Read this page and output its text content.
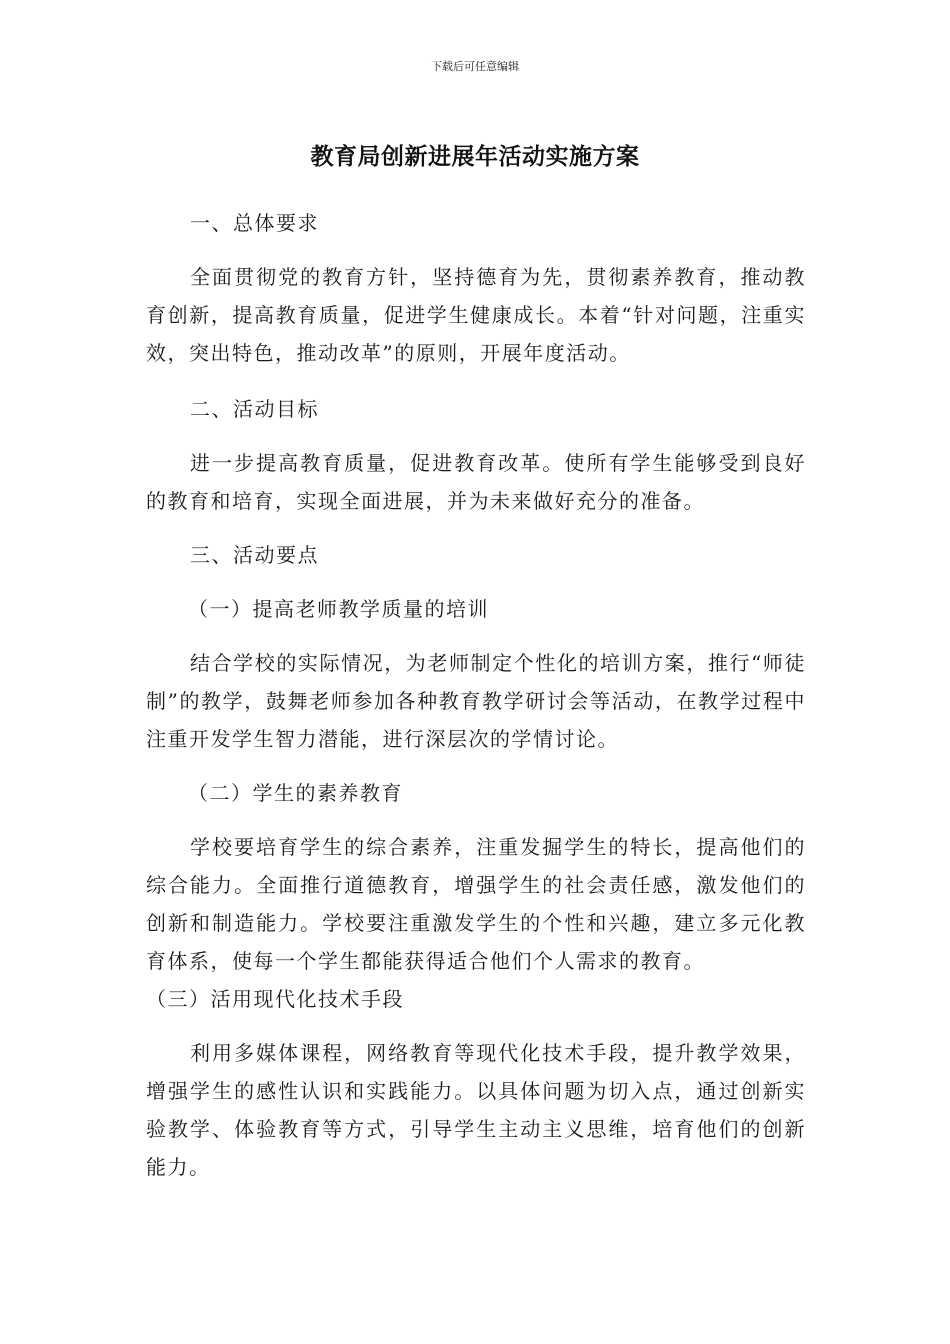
下载后可任意编辑
教育局创新进展年活动实施方案
一、总体要求
全面贯彻党的教育方针，坚持德育为先，贯彻素养教育，推动教育创新，提高教育质量，促进学生健康成长。本着“针对问题，注重实效，突出特色，推动改革”的原则，开展年度活动。
二、活动目标
进一步提高教育质量，促进教育改革。使所有学生能够受到良好的教育和培育，实现全面进展，并为未来做好充分的准备。
三、活动要点
（一）提高老师教学质量的培训
结合学校的实际情况，为老师制定个性化的培训方案，推行“师徒制”的教学，鼓舞老师参加各种教育教学研讨会等活动，在教学过程中注重开发学生智力潜能，进行深层次的学情讨论。
（二）学生的素养教育
学校要培育学生的综合素养，注重发掘学生的特长，提高他们的综合能力。全面推行道德教育，增强学生的社会责任感，激发他们的创新和制造能力。学校要注重激发学生的个性和兴趣，建立多元化教育体系，使每一个学生都能获得适合他们个人需求的教育。
（三）活用现代化技术手段
利用多媒体课程，网络教育等现代化技术手段，提升教学效果，增强学生的感性认识和实践能力。以具体问题为切入点，通过创新实验教学、体验教育等方式，引导学生主动主义思维，培育他们的创新能力。
